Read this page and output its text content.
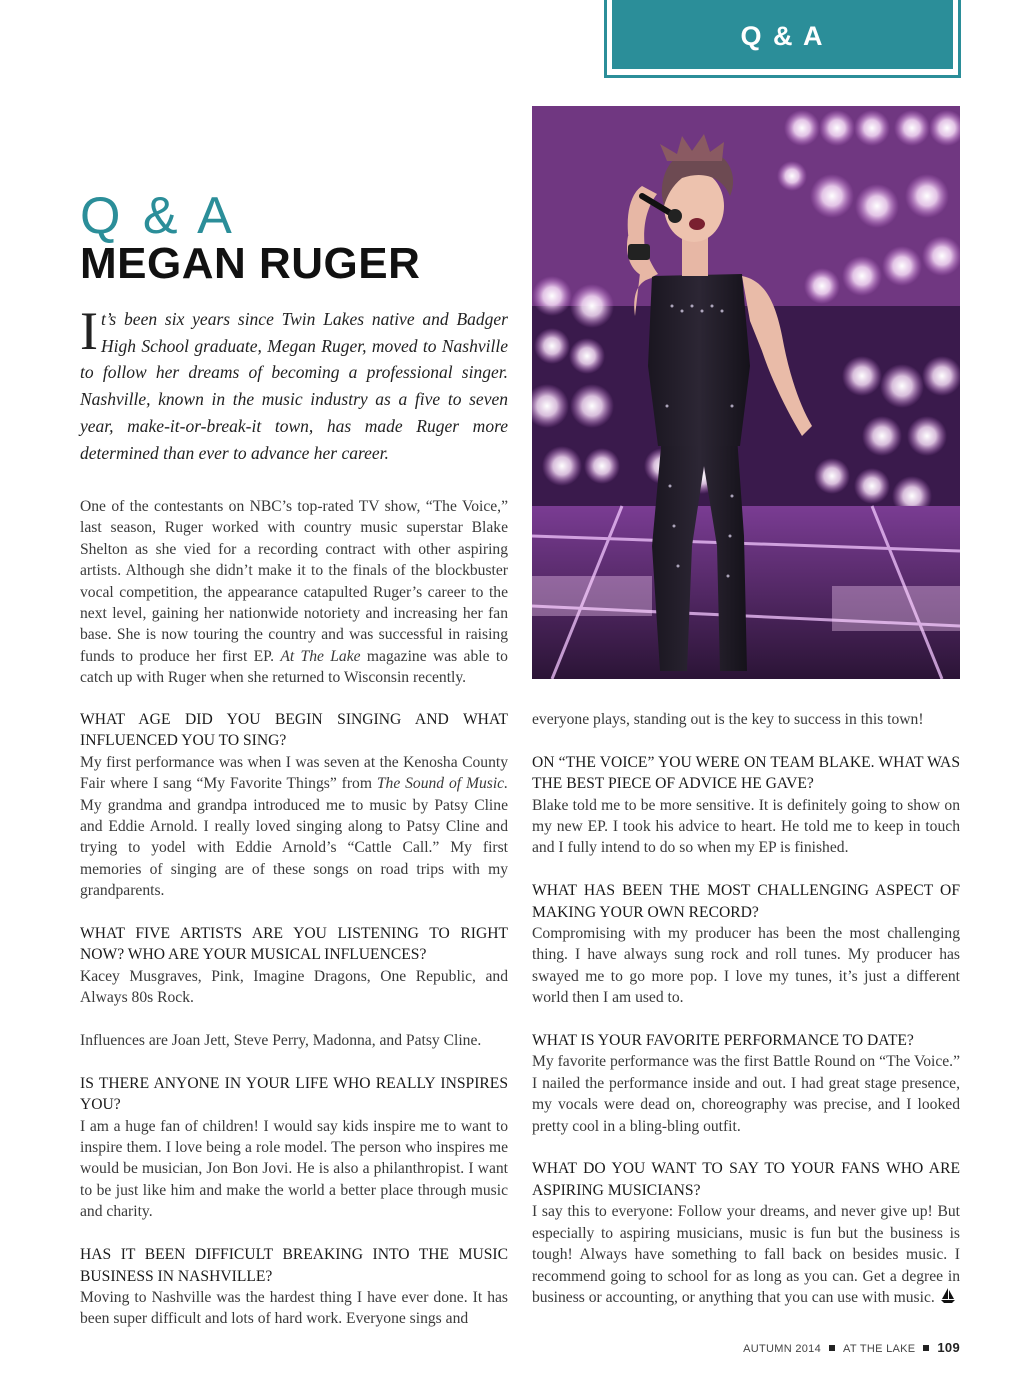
Q & A
Q & A
MEGAN RUGER
It’s been six years since Twin Lakes native and Badger High School graduate, Megan Ruger, moved to Nashville to follow her dreams of becoming a professional singer. Nashville, known in the music industry as a five to seven year, make-it-or-break-it town, has made Ruger more determined than ever to advance her career.
One of the contestants on NBC’s top-rated TV show, “The Voice,” last season, Ruger worked with country music superstar Blake Shelton as she vied for a recording contract with other aspiring artists. Although she didn’t make it to the finals of the blockbuster vocal competition, the appearance catapulted Ruger’s career to the next level, gaining her nationwide notoriety and increasing her fan base. She is now touring the country and was successful in raising funds to produce her first EP. At The Lake magazine was able to catch up with Ruger when she returned to Wisconsin recently.

WHAT AGE DID YOU BEGIN SINGING AND WHAT INFLUENCED YOU TO SING?

My first performance was when I was seven at the Kenosha County Fair where I sang “My Favorite Things” from The Sound of Music. My grandma and grandpa introduced me to music by Patsy Cline and Eddie Arnold. I really loved singing along to Patsy Cline and trying to yodel with Eddie Arnold’s “Cattle Call.” My first memories of singing are of these songs on road trips with my grandparents.

WHAT FIVE ARTISTS ARE YOU LISTENING TO RIGHT NOW? WHO ARE YOUR MUSICAL INFLUENCES?

Kacey Musgraves, Pink, Imagine Dragons, One Republic, and Always 80s Rock.

Influences are Joan Jett, Steve Perry, Madonna, and Patsy Cline.

IS THERE ANYONE IN YOUR LIFE WHO REALLY INSPIRES YOU?

I am a huge fan of children! I would say kids inspire me to want to inspire them. I love being a role model. The person who inspires me would be musician, Jon Bon Jovi. He is also a philanthropist. I want to be just like him and make the world a better place through music and charity.

HAS IT BEEN DIFFICULT BREAKING INTO THE MUSIC BUSINESS IN NASHVILLE?

Moving to Nashville was the hardest thing I have ever done. It has been super difficult and lots of hard work. Everyone sings and

everyone plays, standing out is the key to success in this town!

ON “THE VOICE” YOU WERE ON TEAM BLAKE. WHAT WAS THE BEST PIECE OF ADVICE HE GAVE?

Blake told me to be more sensitive. It is definitely going to show on my new EP. I took his advice to heart. He told me to keep in touch and I fully intend to do so when my EP is finished.

WHAT HAS BEEN THE MOST CHALLENGING ASPECT OF MAKING YOUR OWN RECORD?

Compromising with my producer has been the most challenging thing. I have always sung rock and roll tunes. My producer has swayed me to go more pop. I love my tunes, it’s just a different world then I am used to.

WHAT IS YOUR FAVORITE PERFORMANCE TO DATE?

My favorite performance was the first Battle Round on “The Voice.” I nailed the performance inside and out. I had great stage presence, my vocals were dead on, choreography was precise, and I looked pretty cool in a bling-bling outfit.

WHAT DO YOU WANT TO SAY TO YOUR FANS WHO ARE ASPIRING MUSICIANS?

I say this to everyone: Follow your dreams, and never give up! But especially to aspiring musicians, music is fun but the business is tough! Always have something to fall back on besides music. I recommend going to school for as long as you can. Get a degree in business or accounting, or anything that you can use with music.

AUTUMN 2014 AT THE LAKE 109
